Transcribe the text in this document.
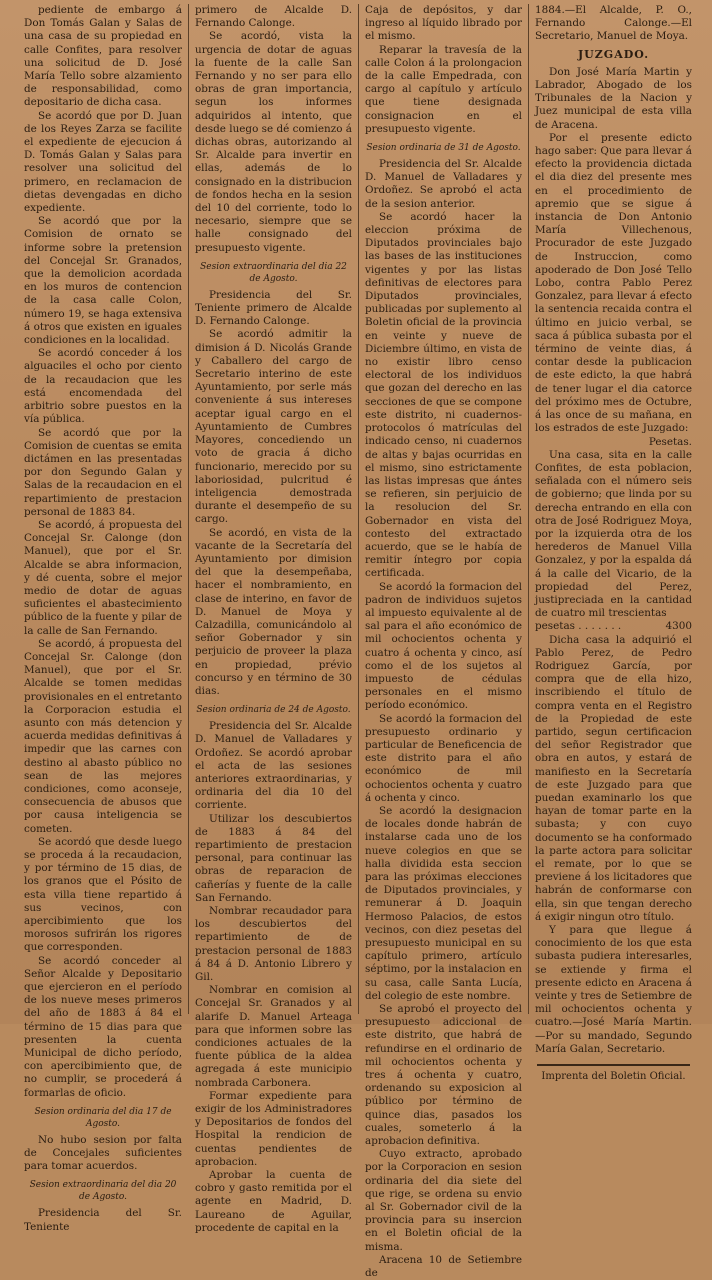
pediente de embargo á Don Tomás Galan y Salas de una casa de su propiedad en calle Confites, para resolver una solicitud de D. José María Tello sobre alzamiento de responsabilidad, como depositario de dicha casa.

Se acordó que por D. Juan de los Reyes Zarza se facilite el expediente de ejecucion á D. Tomás Galan y Salas para resolver una solicitud del primero, en reclamacion de dietas devengadas en dicho expediente.

Se acordó que por la Comision de ornato se informe sobre la pretension del Concejal Sr. Granados, que la demolicion acordada en los muros de contencion de la casa calle Colon, número 19, se haga extensiva á otros que existen en iguales condiciones en la localidad.

Se acordó conceder á los alguaciles el ocho por ciento de la recaudacion que les está encomendada del arbitrio sobre puestos en la vía pública.

Se acordó que por la Comision de cuentas se emita dictámen en las presentadas por don Segundo Galan y Salas de la recaudacion en el repartimiento de prestacion personal de 1883 84.

Se acordó, á propuesta del Concejal Sr. Calonge (don Manuel), que por el Sr. Alcalde se abra informacion, y dé cuenta, sobre el mejor medio de dotar de aguas suficientes el abastecimiento público de la fuente y pilar de la calle de San Fernando.

Se acordó, á propuesta del Concejal Sr. Calonge (don Manuel), que por el Sr. Alcalde se tomen medidas provisionales en el entretanto la Corporacion estudia el asunto con más detencion y acuerda medidas definitivas á impedir que las carnes con destino al abasto público no sean de las mejores condiciones, como aconseje, consecuencia de abusos que por causa inteligencia se cometen.

Se acordó que desde luego se proceda á la recaudacion, y por término de 15 dias, de los granos que el Pósito de esta villa tiene repartido á sus vecinos, con apercibimiento que los morosos sufrirán los rigores que corresponden.

Se acordó conceder al Señor Alcalde y Depositario que ejercieron en el período de los nueve meses primeros del año de 1883 á 84 el término de 15 dias para que presenten la cuenta Municipal de dicho período, con apercibimiento que, de no cumplir, se procederá á formarlas de oficio.

Sesion ordinaria del dia 17 de Agosto.

No hubo sesion por falta de Concejales suficientes para tomar acuerdos.

Sesion extraordinaria del dia 20 de Agosto.

Presidencia del Sr. Teniente

primero de Alcalde D. Fernando Calonge.

Se acordó, vista la urgencia de dotar de aguas la fuente de la calle San Fernando y no ser para ello obras de gran importancia, segun los informes adquiridos al intento, que desde luego se dé comienzo á dichas obras, autorizando al Sr. Alcalde para invertir en ellas, además de lo consignado en la distribucion de fondos hecha en la sesion del 10 del corriente, todo lo necesario, siempre que se halle consignado del presupuesto vigente.

Sesion extraordinaria del dia 22 de Agosto.

Presidencia del Sr. Teniente primero de Alcalde D. Fernando Calonge.

Se acordó admitir la dimision á D. Nicolás Grande y Caballero del cargo de Secretario interino de este Ayuntamiento, por serle más conveniente á sus intereses aceptar igual cargo en el Ayuntamiento de Cumbres Mayores, concediendo un voto de gracia á dicho funcionario, merecido por su laboriosidad, pulcritud é inteligencia demostrada durante el desempeño de su cargo.

Se acordó, en vista de la vacante de la Secretaría del Ayuntamiento por dimision del que la desempeñaba, hacer el nombramiento, en clase de interino, en favor de D. Manuel de Moya y Calzadilla, comunicándolo al señor Gobernador y sin perjuicio de proveer la plaza en propiedad, prévio concurso y en término de 30 dias.

Sesion ordinaria de 24 de Agosto.

Presidencia del Sr. Alcalde D. Manuel de Valladares y Ordoñez. Se acordó aprobar el acta de las sesiones anteriores extraordinarias, y ordinaria del dia 10 del corriente.

Utilizar los descubiertos de 1883 á 84 del repartimiento de prestacion personal, para continuar las obras de reparacion de cañerías y fuente de la calle San Fernando.

Nombrar recaudador para los descubiertos del repartimiento de de prestacion personal de 1883 á 84 á D. Antonio Librero y Gil.

Nombrar en comision al Concejal Sr. Granados y al alarife D. Manuel Arteaga para que informen sobre las condiciones actuales de la fuente pública de la aldea agregada á este municipio nombrada Carbonera.

Formar expediente para exigir de los Administradores y Depositarios de fondos del Hospital la rendicion de cuentas pendientes de aprobacion.

Aprobar la cuenta de cobro y gasto remitida por el agente en Madrid, D. Laureano de Aguilar, procedente de capital en la

Caja de depósitos, y dar ingreso al líquido librado por el mismo.

Reparar la travesía de la calle Colon á la prolongacion de la calle Empedrada, con cargo al capítulo y artículo que tiene designada consignacion en el presupuesto vigente.

Sesion ordinaria de 31 de Agosto.

Presidencia del Sr. Alcalde D. Manuel de Valladares y Ordoñez. Se aprobó el acta de la sesion anterior.

Se acordó hacer la eleccion próxima de Diputados provinciales bajo las bases de las instituciones vigentes y por las listas definitivas de electores para Diputados provinciales, publicadas por suplemento al Boletin oficial de la provincia en veinte y nueve de Diciembre último, en vista de no existir libro censo electoral de los individuos que gozan del derecho en las secciones de que se compone este distrito, ni cuadernos-protocolos ó matrículas del indicado censo, ni cuadernos de altas y bajas ocurridas en el mismo, sino estrictamente las listas impresas que ántes se refieren, sin perjuicio de la resolucion del Sr. Gobernador en vista del contesto del extractado acuerdo, que se le había de remitir íntegro por copia certificada.

Se acordó la formacion del padron de individuos sujetos al impuesto equivalente al de sal para el año económico de mil ochocientos ochenta y cuatro á ochenta y cinco, así como el de los sujetos al impuesto de cédulas personales en el mismo período económico.

Se acordó la formacion del presupuesto ordinario y particular de Beneficencia de este distrito para el año económico de mil ochocientos ochenta y cuatro á ochenta y cinco.

Se acordó la designacion de locales donde habrán de instalarse cada uno de los nueve colegios en que se halla dividida esta seccion para las próximas elecciones de Diputados provinciales, y remunerar á D. Joaquin Hermoso Palacios, de estos vecinos, con diez pesetas del presupuesto municipal en su capítulo primero, artículo séptimo, por la instalacion en su casa, calle Santa Lucía, del colegio de este nombre.

Se aprobó el proyecto del presupuesto adiccional de este distrito, que habrá de refundirse en el ordinario de mil ochocientos ochenta y tres á ochenta y cuatro, ordenando su exposicion al público por término de quince dias, pasados los cuales, someterlo á la aprobacion definitiva.

Cuyo extracto, aprobado por la Corporacion en sesion ordinaria del dia siete del que rige, se ordena su envio al Sr. Gobernador civil de la provincia para su insercion en el Boletin oficial de la misma.

Aracena 10 de Setiembre de

1884.—El Alcalde, P. O., Fernando Calonge.—El Secretario, Manuel de Moya.

JUZGADO.

Don José María Martin y Labrador, Abogado de los Tribunales de la Nacion y Juez municipal de esta villa de Aracena.

Por el presente edicto hago saber: Que para llevar á efecto la providencia dictada el dia diez del presente mes en el procedimiento de apremio que se sigue á instancia de Don Antonio María Villechenous, Procurador de este Juzgado de Instruccion, como apoderado de Don José Tello Lobo, contra Pablo Perez Gonzalez, para llevar á efecto la sentencia recaida contra el último en juicio verbal, se saca á pública subasta por el término de veinte dias, á contar desde la publicacion de este edicto, la que habrá de tener lugar el dia catorce del próximo mes de Octubre, á las once de su mañana, en los estrados de este Juzgado:

Pesetas.

Una casa, sita en la calle Confites, de esta poblacion, señalada con el número seis de gobierno; que linda por su derecha entrando en ella con otra de José Rodriguez Moya, por la izquierda otra de los herederos de Manuel Villa Gonzalez, y por la espalda dá á la calle del Vicario, de la propiedad del Perez, justipreciada en la cantidad de cuatro mil trescientas

pesetas . . . . . . .	4300

Dicha casa la adquirió el Pablo Perez, de Pedro Rodriguez García, por compra que de ella hizo, inscribiendo el título de compra venta en el Registro de la Propiedad de este partido, segun certificacion del señor Registrador que obra en autos, y estará de manifiesto en la Secretaría de este Juzgado para que puedan examinarlo los que hayan de tomar parte en la subasta; y con cuyo documento se ha conformado la parte actora para solicitar el remate, por lo que se previene á los licitadores que habrán de conformarse con ella, sin que tengan derecho á exigir ningun otro título.

Y para que llegue á conocimiento de los que esta subasta pudiera interesarles, se extiende y firma el presente edicto en Aracena á veinte y tres de Setiembre de mil ochocientos ochenta y cuatro.—José María Martin.—Por su mandado, Segundo María Galan, Secretario.

Imprenta del Boletin Oficial.
